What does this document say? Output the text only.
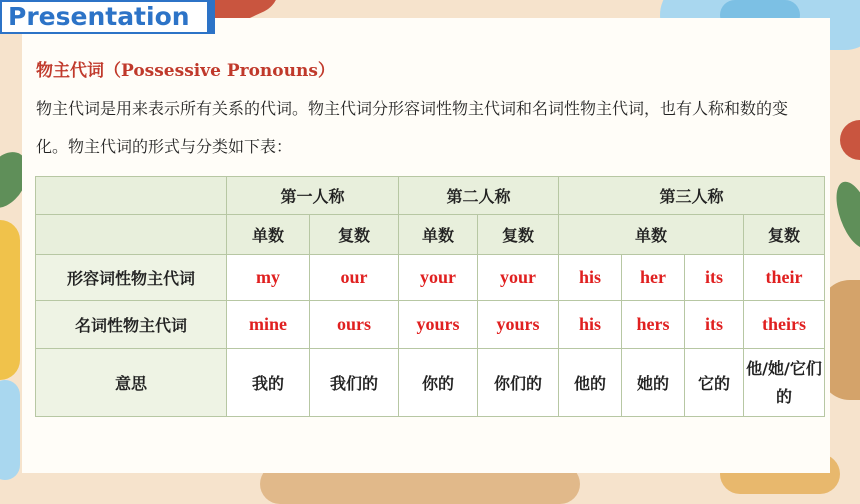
Presentation
物主代词（Possessive Pronouns）
物主代词是用来表示所有关系的代词。物主代词分形容词性物主代词和名词性物主代词，也有人称和数的变化。物主代词的形式与分类如下表：
	第一人称		第二人称		第三人称			
	单数	复数	单数	复数	单数			复数
形容词性物主代词	my	our	your	your	his	her	its	their
名词性物主代词	mine	ours	yours	yours	his	hers	its	theirs
意思	我的	我们的	你的	你们的	他的	她的	它的	他/她/它们的
